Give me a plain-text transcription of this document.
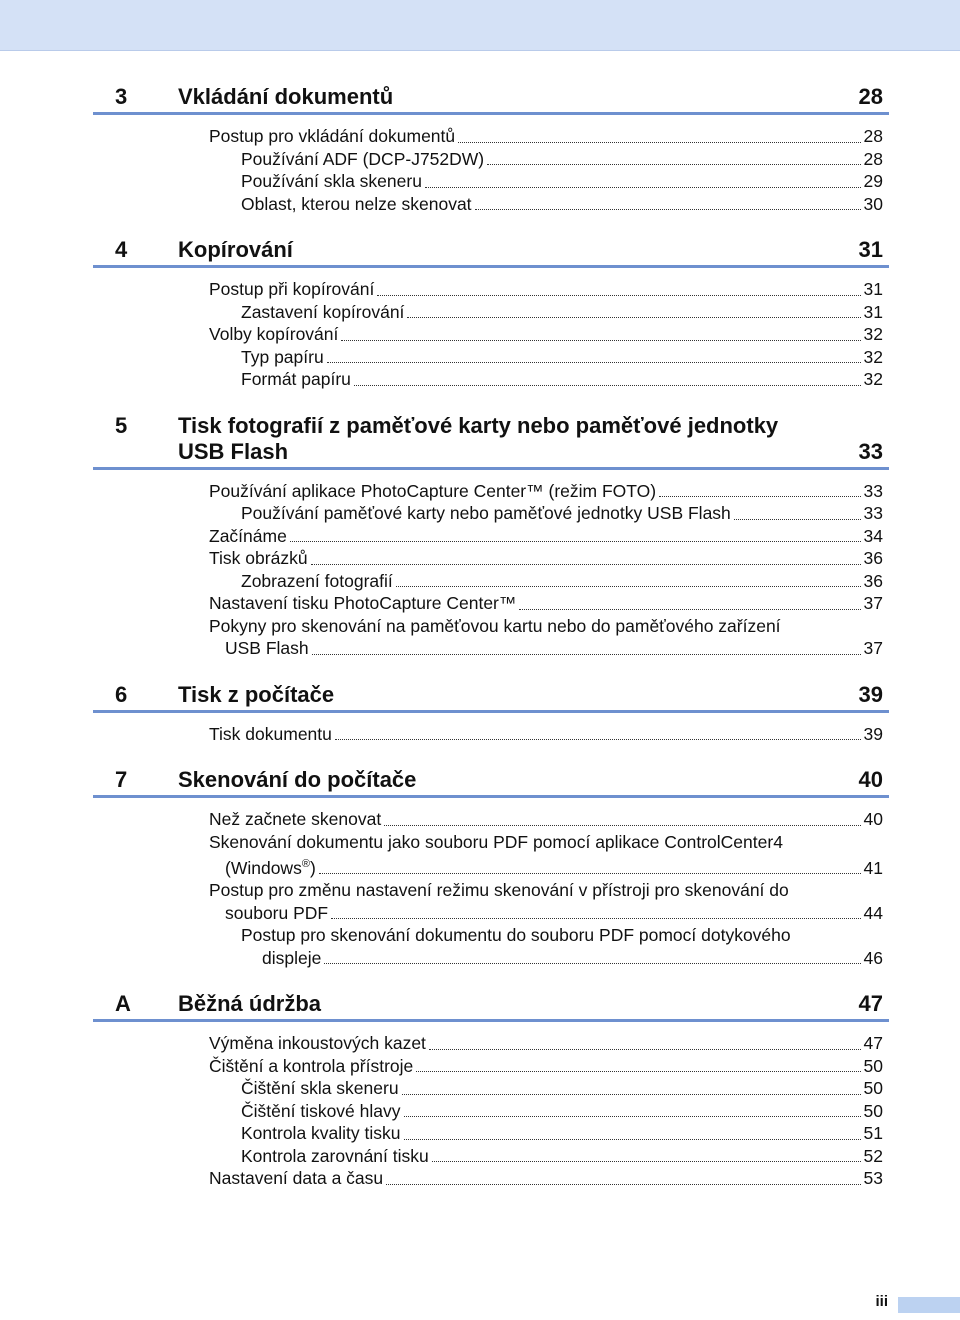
3	Vkládání dokumentů	28
Postup pro vkládání dokumentů	28
Používání ADF (DCP-J752DW)	28
Používání skla skeneru	29
Oblast, kterou nelze skenovat	30
4	Kopírování	31
Postup při kopírování	31
Zastavení kopírování	31
Volby kopírování	32
Typ papíru	32
Formát papíru	32
5	Tisk fotografií z paměťové karty nebo paměťové jednotky
USB Flash	33
Používání aplikace PhotoCapture Center™ (režim FOTO)	33
Používání paměťové karty nebo paměťové jednotky USB Flash	33
Začínáme	34
Tisk obrázků	36
Zobrazení fotografií	36
Nastavení tisku PhotoCapture Center™	37
Pokyny pro skenování na paměťovou kartu nebo do paměťového zařízení
USB Flash	37
6	Tisk z počítače	39
Tisk dokumentu	39
7	Skenování do počítače	40
Než začnete skenovat	40
Skenování dokumentu jako souboru PDF pomocí aplikace ControlCenter4
(Windows®)	41
Postup pro změnu nastavení režimu skenování v přístroji pro skenování do
souboru PDF	44
Postup pro skenování dokumentu do souboru PDF pomocí dotykového
displeje	46
A	Běžná údržba	47
Výměna inkoustových kazet	47
Čištění a kontrola přístroje	50
Čištění skla skeneru	50
Čištění tiskové hlavy	50
Kontrola kvality tisku	51
Kontrola zarovnání tisku	52
Nastavení data a času	53
iii
